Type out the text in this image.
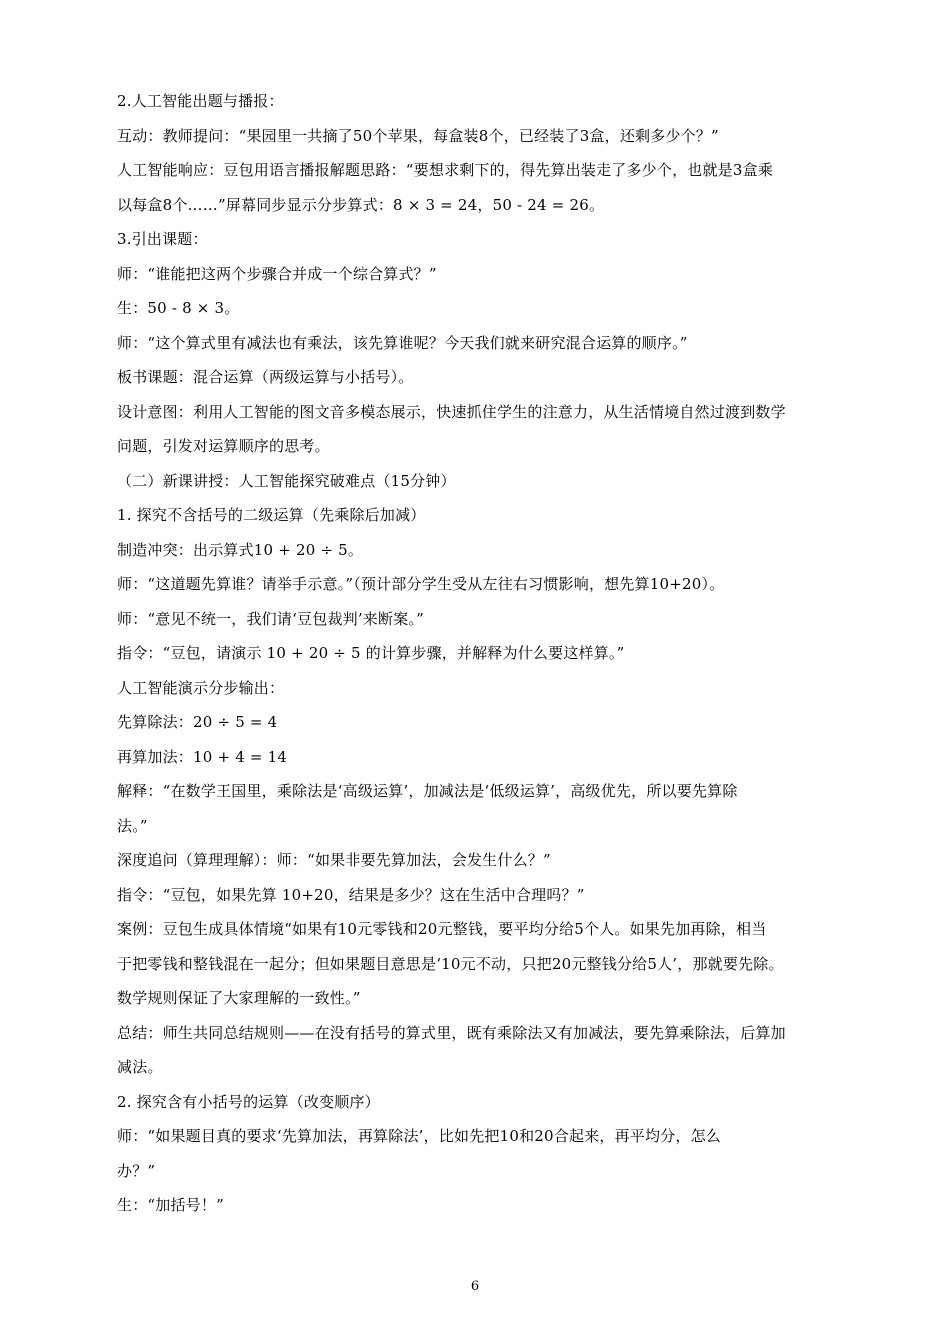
2.人工智能出题与播报：
互动：教师提问：“果园里一共摘了50个苹果，每盒装8个，已经装了3盒，还剩多少个？”
人工智能响应：豆包用语言播报解题思路：“要想求剩下的，得先算出装走了多少个，也就是3盒乘
以每盒8个……”屏幕同步显示分步算式：8 × 3 = 24，50 - 24 = 26。
3.引出课题：
师：“谁能把这两个步骤合并成一个综合算式？”
生：50 - 8 × 3。
师：“这个算式里有减法也有乘法，该先算谁呢？今天我们就来研究混合运算的顺序。”
板书课题：混合运算（两级运算与小括号）。
设计意图：利用人工智能的图文音多模态展示，快速抓住学生的注意力，从生活情境自然过渡到数学
问题，引发对运算顺序的思考。
（二）新课讲授：人工智能探究破难点（15分钟）
1. 探究不含括号的二级运算（先乘除后加减）
制造冲突：出示算式10 + 20 ÷ 5。
师：“这道题先算谁？请举手示意。”（预计部分学生受从左往右习惯影响，想先算10+20）。
师：“意见不统一，我们请‘豆包裁判’来断案。”
指令：“豆包，请演示 10 + 20 ÷ 5 的计算步骤，并解释为什么要这样算。”
人工智能演示分步输出：
先算除法：20 ÷ 5 = 4
再算加法：10 + 4 = 14
解释：“在数学王国里，乘除法是‘高级运算’，加减法是‘低级运算’，高级优先，所以要先算除
法。”
深度追问（算理理解）：师：“如果非要先算加法，会发生什么？”
指令：“豆包，如果先算 10+20，结果是多少？这在生活中合理吗？”
案例：豆包生成具体情境“如果有10元零钱和20元整钱，要平均分给5个人。如果先加再除，相当
于把零钱和整钱混在一起分；但如果题目意思是‘10元不动，只把20元整钱分给5人’，那就要先除。
数学规则保证了大家理解的一致性。”
总结：师生共同总结规则——在没有括号的算式里，既有乘除法又有加减法，要先算乘除法，后算加
减法。
2. 探究含有小括号的运算（改变顺序）
师：“如果题目真的要求‘先算加法，再算除法’，比如先把10和20合起来，再平均分，怎么
办？”
生：“加括号！”
6
